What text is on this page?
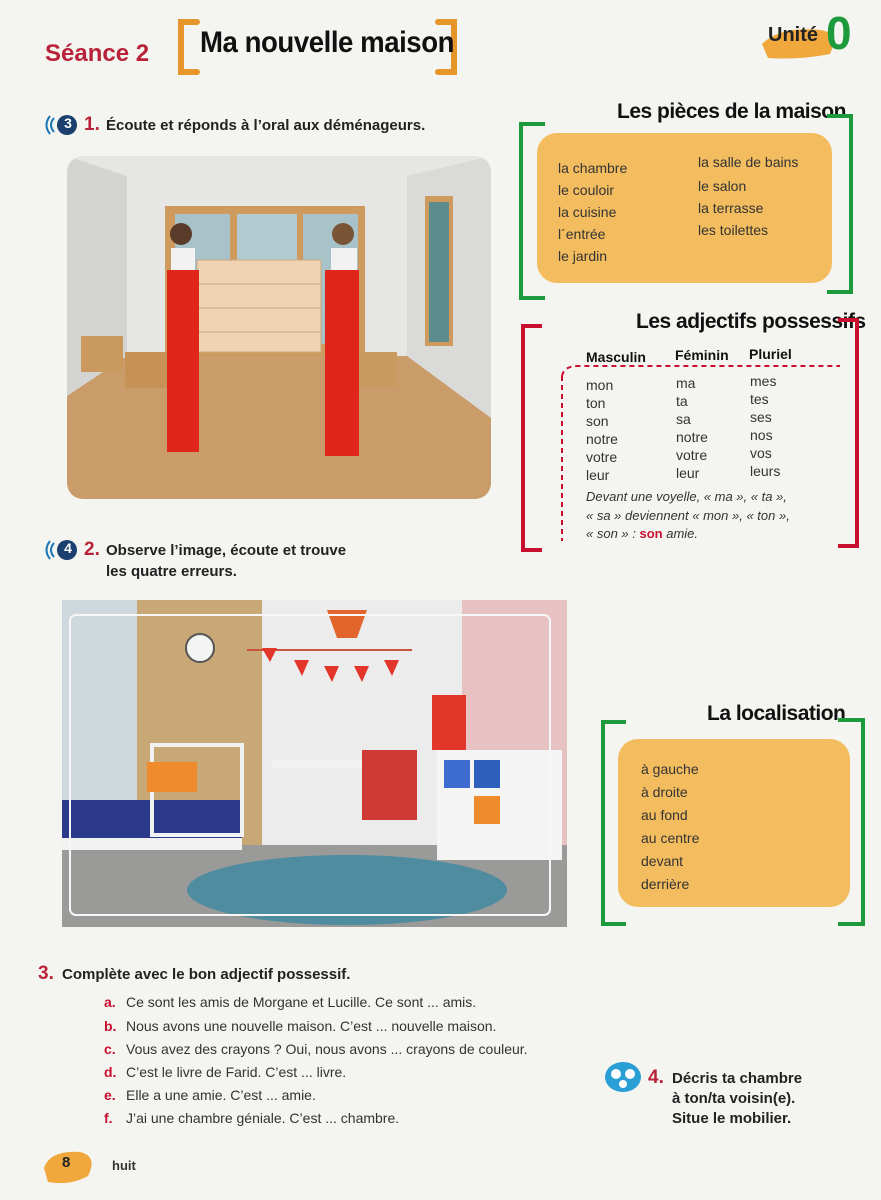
Séance 2 Ma nouvelle maison	Unité 0
3 1. Écoute et réponds à l’oral aux déménageurs.
4 2. Observe l’image, écoute et trouve
les quatre erreurs.
Les pièces de la maison
la chambre
le couloir
la cuisine
l´entrée
le jardin
la salle de bains
le salon
la terrasse
les toilettes
Les adjectifs possessifs
Masculin Féminin Pluriel
mon	ma	mes
ton	ta	tes
son	sa	ses
notre	notre	nos
votre	votre	vos
leur	leur	leurs
Devant une voyelle, « ma », « ta »,
« sa » deviennent « mon », « ton »,
« son » : son amie.
La localisation
à gauche
à droite
au fond
au centre
devant
derrière
3. Complète avec le bon adjectif possessif.
a. Ce sont les amis de Morgane et Lucille. Ce sont ... amis.
b. Nous avons une nouvelle maison. C’est ... nouvelle maison.
c. Vous avez des crayons ? Oui, nous avons ... crayons de couleur.
d. C’est le livre de Farid. C’est ... livre.
e. Elle a une amie. C’est ... amie.
f. J’ai une chambre géniale. C’est ... chambre.
4. Décris ta chambre
à ton/ta voisin(e).
Situe le mobilier.
8	huit
